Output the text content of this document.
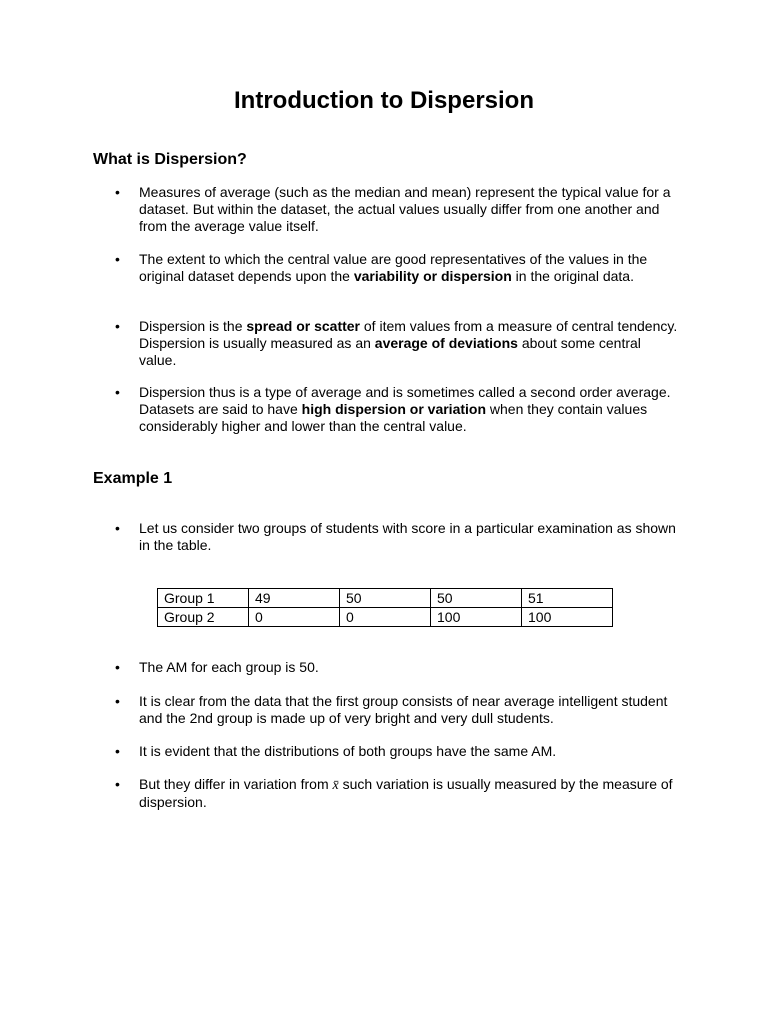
Introduction to Dispersion
What is Dispersion?
• Measures of average (such as the median and mean) represent the typical value for a dataset. But within the dataset, the actual values usually differ from one another and from the average value itself.

• The extent to which the central value are good representatives of the values in the original dataset depends upon the variability or dispersion in the original data.

• Dispersion is the spread or scatter of item values from a measure of central tendency. Dispersion is usually measured as an average of deviations about some central value.

• Dispersion thus is a type of average and is sometimes called a second order average. Datasets are said to have high dispersion or variation when they contain values considerably higher and lower than the central value.

Example 1
• Let us consider two groups of students with score in a particular examination as shown in the table.

Group 1	49	50	50	51
Group 2	0	0	100	100
• The AM for each group is 50.

• It is clear from the data that the first group consists of near average intelligent student and the 2nd group is made up of very bright and very dull students.

• It is evident that the distributions of both groups have the same AM.

• But they differ in variation from x̄ such variation is usually measured by the measure of dispersion.
